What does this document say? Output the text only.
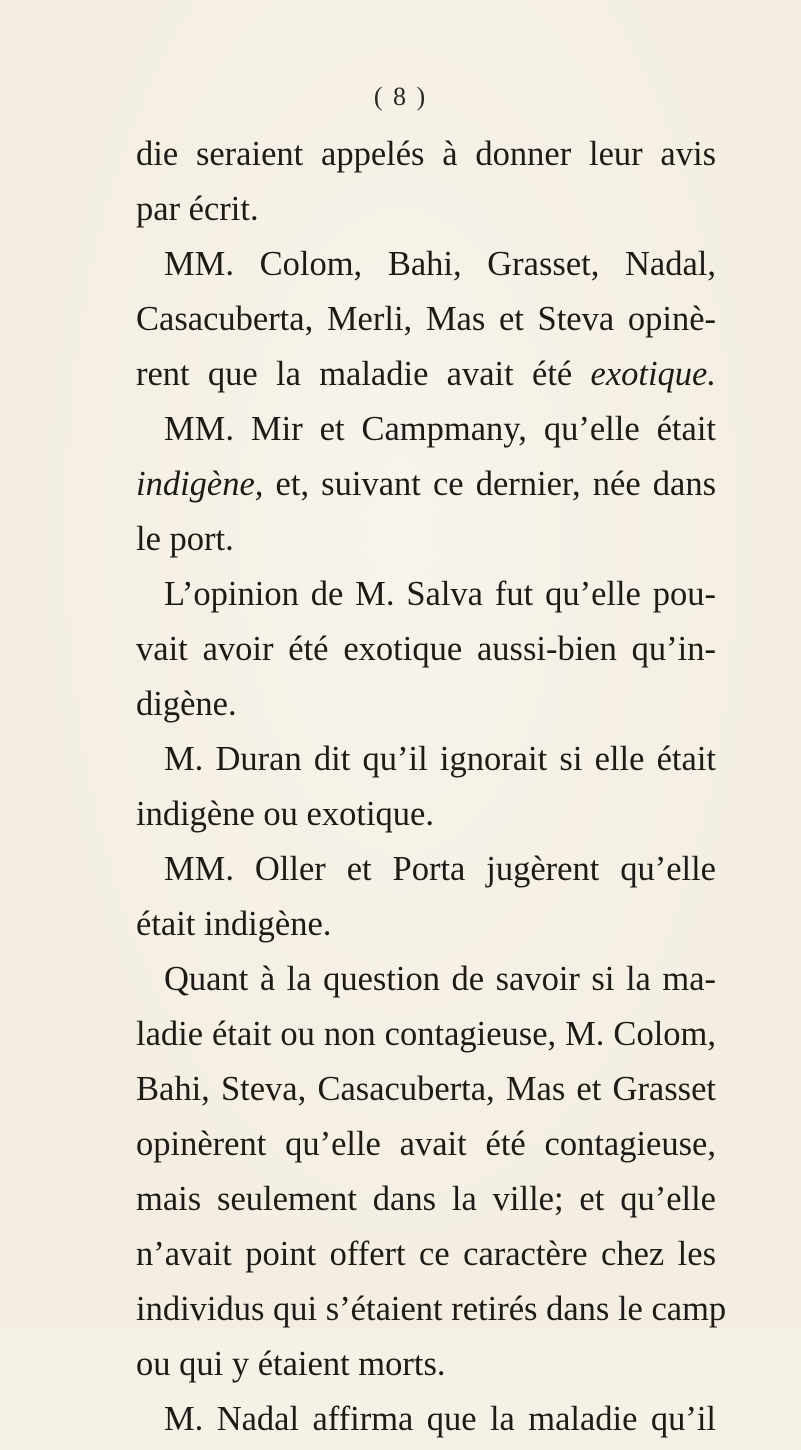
( 8 )
die seraient appelés à donner leur avis
par écrit.
MM. Colom, Bahi, Grasset, Nadal,
Casacuberta, Merli, Mas et Steva opinè-
rent que la maladie avait été exotique.
MM. Mir et Campmany, qu’elle était
indigène, et, suivant ce dernier, née dans
le port.
L’opinion de M. Salva fut qu’elle pou-
vait avoir été exotique aussi-bien qu’in-
digène.
M. Duran dit qu’il ignorait si elle était
indigène ou exotique.
MM. Oller et Porta jugèrent qu’elle
était indigène.
Quant à la question de savoir si la ma-
ladie était ou non contagieuse, M. Colom,
Bahi, Steva, Casacuberta, Mas et Grasset
opinèrent qu’elle avait été contagieuse,
mais seulement dans la ville; et qu’elle
n’avait point offert ce caractère chez les
individus qui s’étaient retirés dans le camp
ou qui y étaient morts.
M. Nadal affirma que la maladie qu’il
